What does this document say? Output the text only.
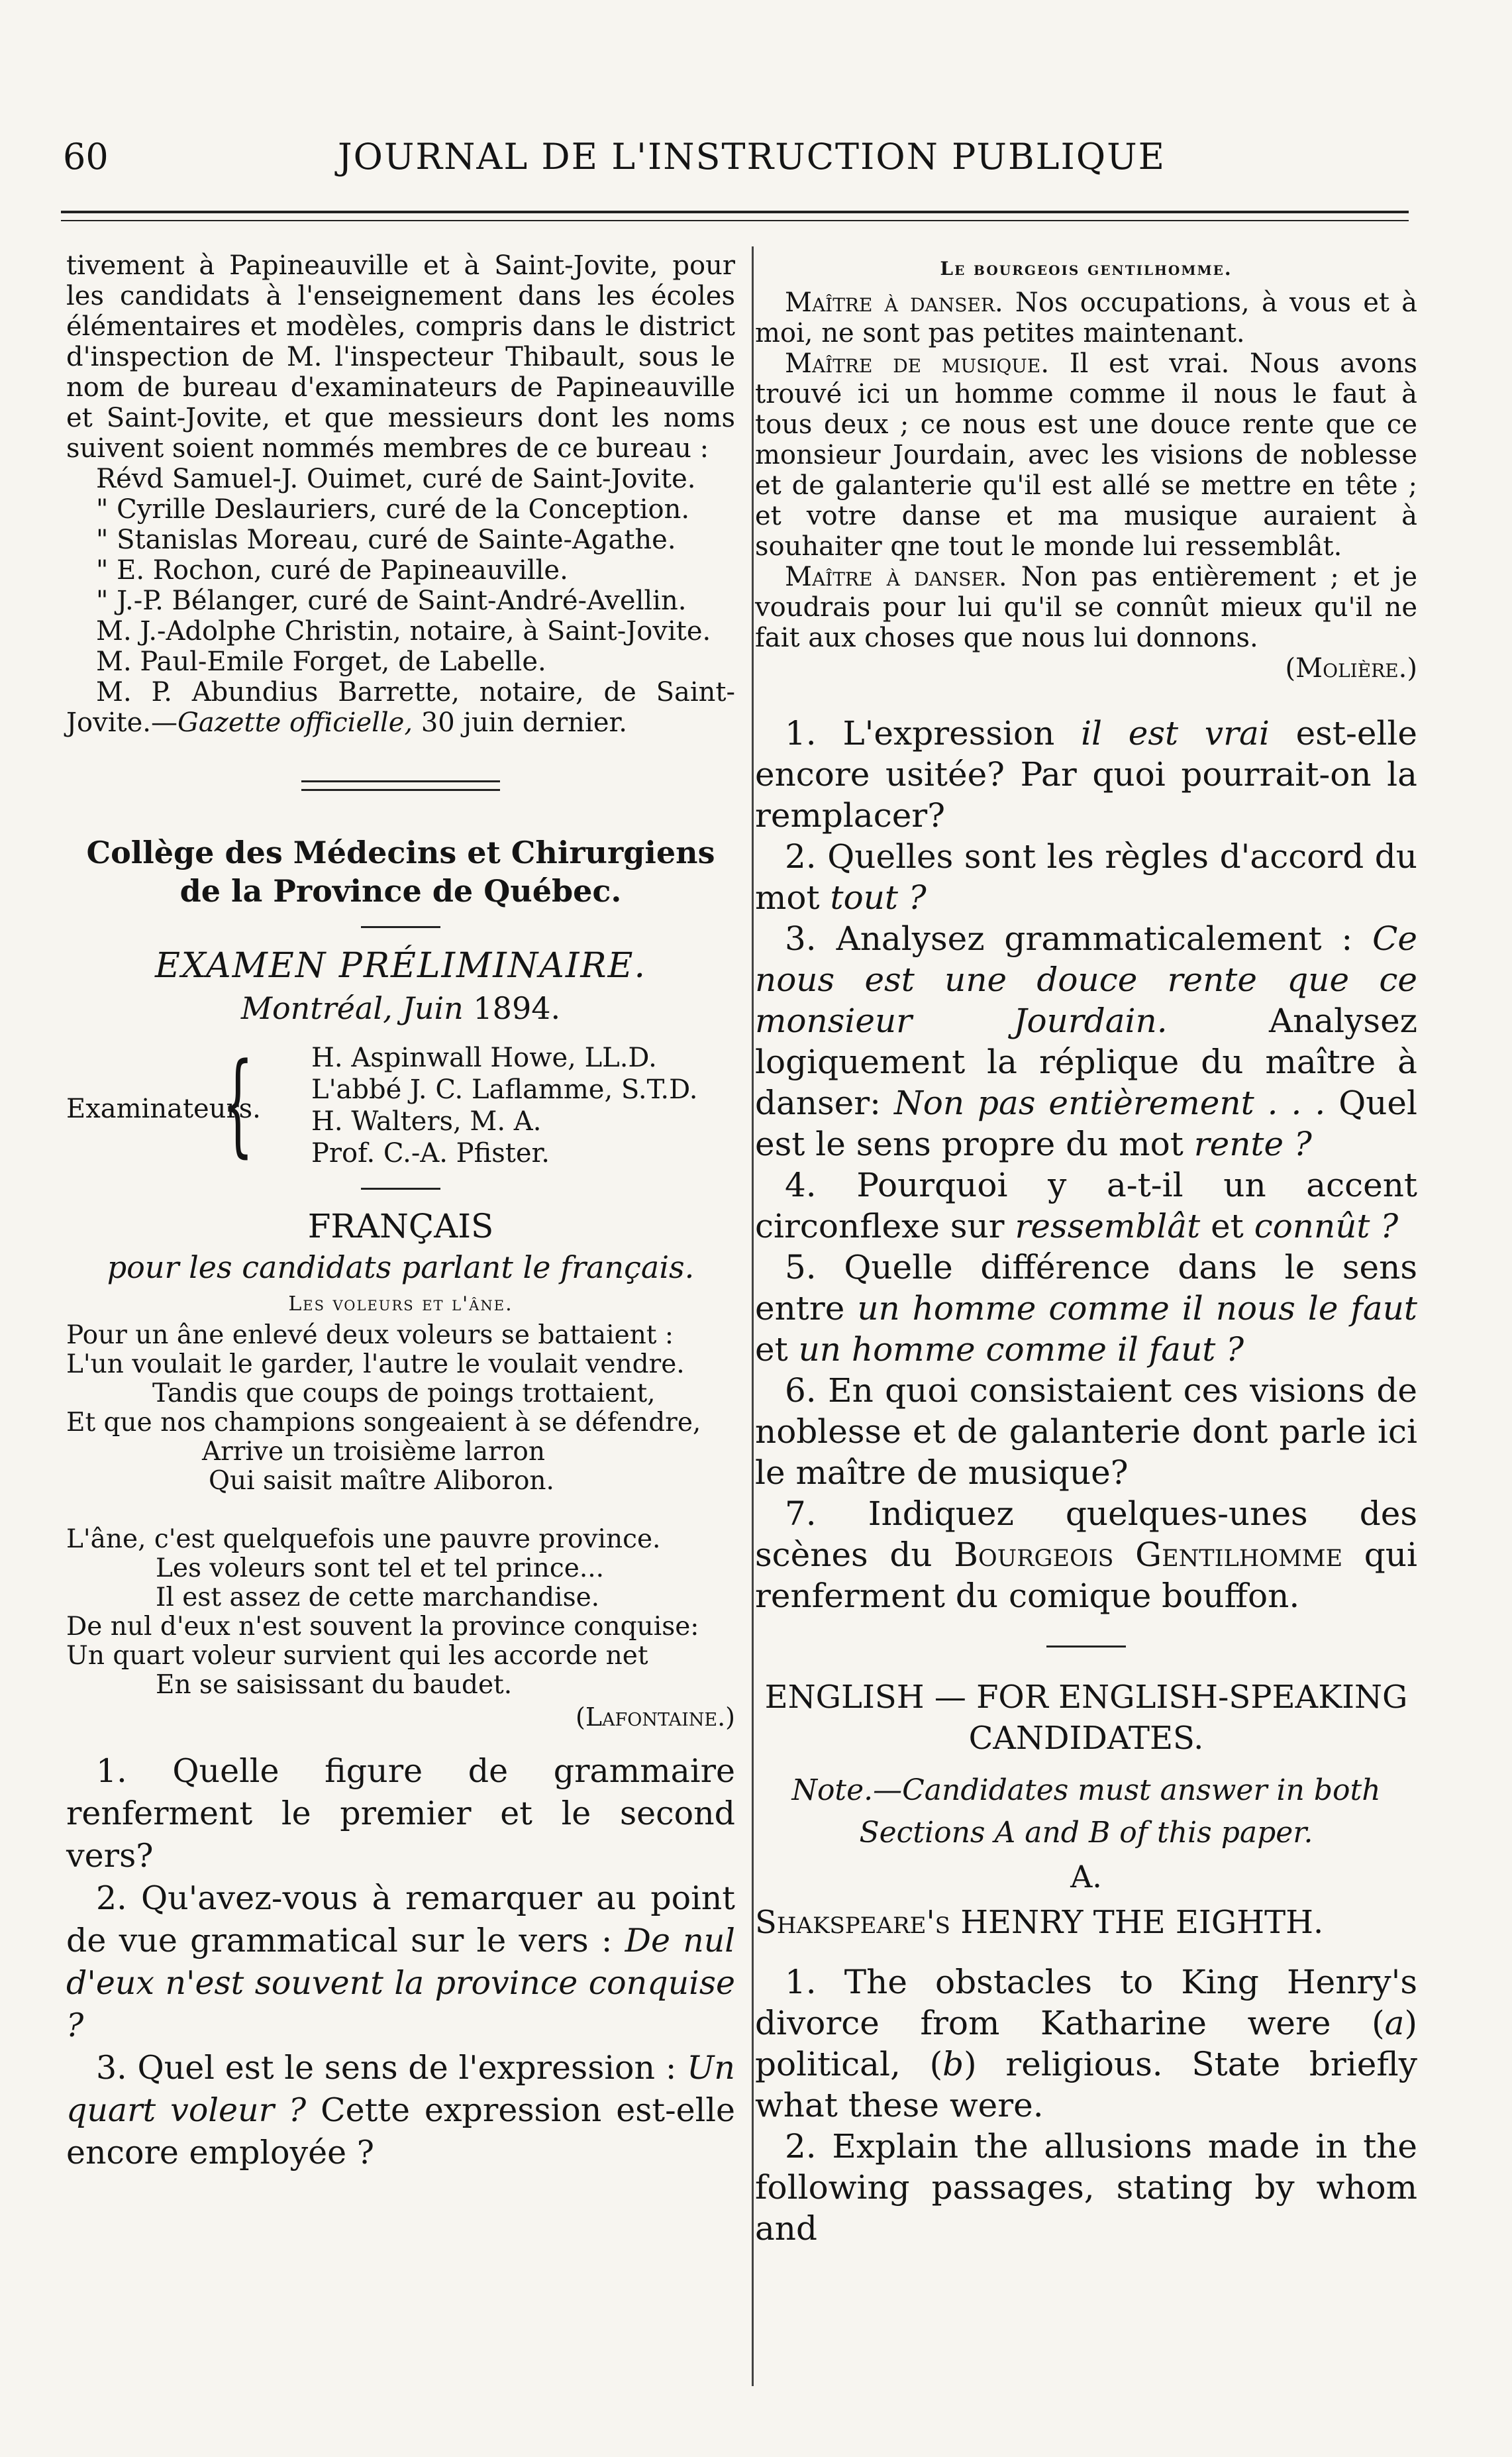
60	JOURNAL DE L'INSTRUCTION PUBLIQUE

tivement à Papineauville et à Saint-Jovite, pour les candidats à l'enseignement dans les écoles élémentaires et modèles, compris dans le district d'inspection de M. l'inspecteur Thibault, sous le nom de bureau d'examinateurs de Papineauville et Saint-Jovite, et que messieurs dont les noms suivent soient nommés membres de ce bureau :

Révd Samuel-J. Ouimet, curé de Saint-Jovite.

" Cyrille Deslauriers, curé de la Conception.

" Stanislas Moreau, curé de Sainte-Agathe.

" E. Rochon, curé de Papineauville.

" J.-P. Bélanger, curé de Saint-André-Avellin.

M. J.-Adolphe Christin, notaire, à Saint-Jovite.

M. Paul-Emile Forget, de Labelle.

M. P. Abundius Barrette, notaire, de Saint-Jovite.—Gazette officielle, 30 juin dernier.

Collège des Médecins et Chirurgiens

de la Province de Québec.

EXAMEN PRÉLIMINAIRE.

Montréal, Juin 1894.

Examinateurs.
{ H. Aspinwall Howe, LL.D.

L'abbé J. C. Laflamme, S.T.D.

H. Walters, M. A.

Prof. C.-A. Pfister.

FRANÇAIS

pour les candidats parlant le français.

Les voleurs et l'âne.

Pour un âne enlevé deux voleurs se battaient :

L'un voulait le garder, l'autre le voulait vendre.

Tandis que coups de poings trottaient,

Et que nos champions songeaient à se défendre,

Arrive un troisième larron

Qui saisit maître Aliboron.

L'âne, c'est quelquefois une pauvre province.

Les voleurs sont tel et tel prince...

Il est assez de cette marchandise.

De nul d'eux n'est souvent la province conquise:

Un quart voleur survient qui les accorde net

En se saisissant du baudet.

(Lafontaine.)

1. Quelle figure de grammaire renferment le premier et le second vers?

2. Qu'avez-vous à remarquer au point de vue grammatical sur le vers : De nul d'eux n'est souvent la province conquise ?

3. Quel est le sens de l'expression : Un quart voleur ? Cette expression est-elle encore employée ?

Le bourgeois gentilhomme.

Maître à danser. Nos occupations, à vous et à moi, ne sont pas petites maintenant.

Maître de musique. Il est vrai. Nous avons trouvé ici un homme comme il nous le faut à tous deux ; ce nous est une douce rente que ce monsieur Jourdain, avec les visions de noblesse et de galanterie qu'il est allé se mettre en tête ; et votre danse et ma musique auraient à souhaiter qne tout le monde lui ressemblât.

Maître à danser. Non pas entièrement ; et je voudrais pour lui qu'il se connût mieux qu'il ne fait aux choses que nous lui donnons.

(Molière.)

1. L'expression il est vrai est-elle encore usitée? Par quoi pourrait-on la remplacer?

2. Quelles sont les règles d'accord du mot tout ?

3. Analysez grammaticalement : Ce nous est une douce rente que ce monsieur Jourdain. Analysez logiquement la réplique du maître à danser: Non pas entièrement . . . Quel est le sens propre du mot rente ?

4. Pourquoi y a-t-il un accent circonflexe sur ressemblât et connût ?

5. Quelle différence dans le sens entre un homme comme il nous le faut et un homme comme il faut ?

6. En quoi consistaient ces visions de noblesse et de galanterie dont parle ici le maître de musique?

7. Indiquez quelques-unes des scènes du Bourgeois Gentilhomme qui renferment du comique bouffon.

ENGLISH — FOR ENGLISH-SPEAKING CANDIDATES.

Note.—Candidates must answer in both Sections A and B of this paper.

A.

Shakspeare's HENRY THE EIGHTH.

1. The obstacles to King Henry's divorce from Katharine were (a) political, (b) religious. State briefly what these were.

2. Explain the allusions made in the following passages, stating by whom and
